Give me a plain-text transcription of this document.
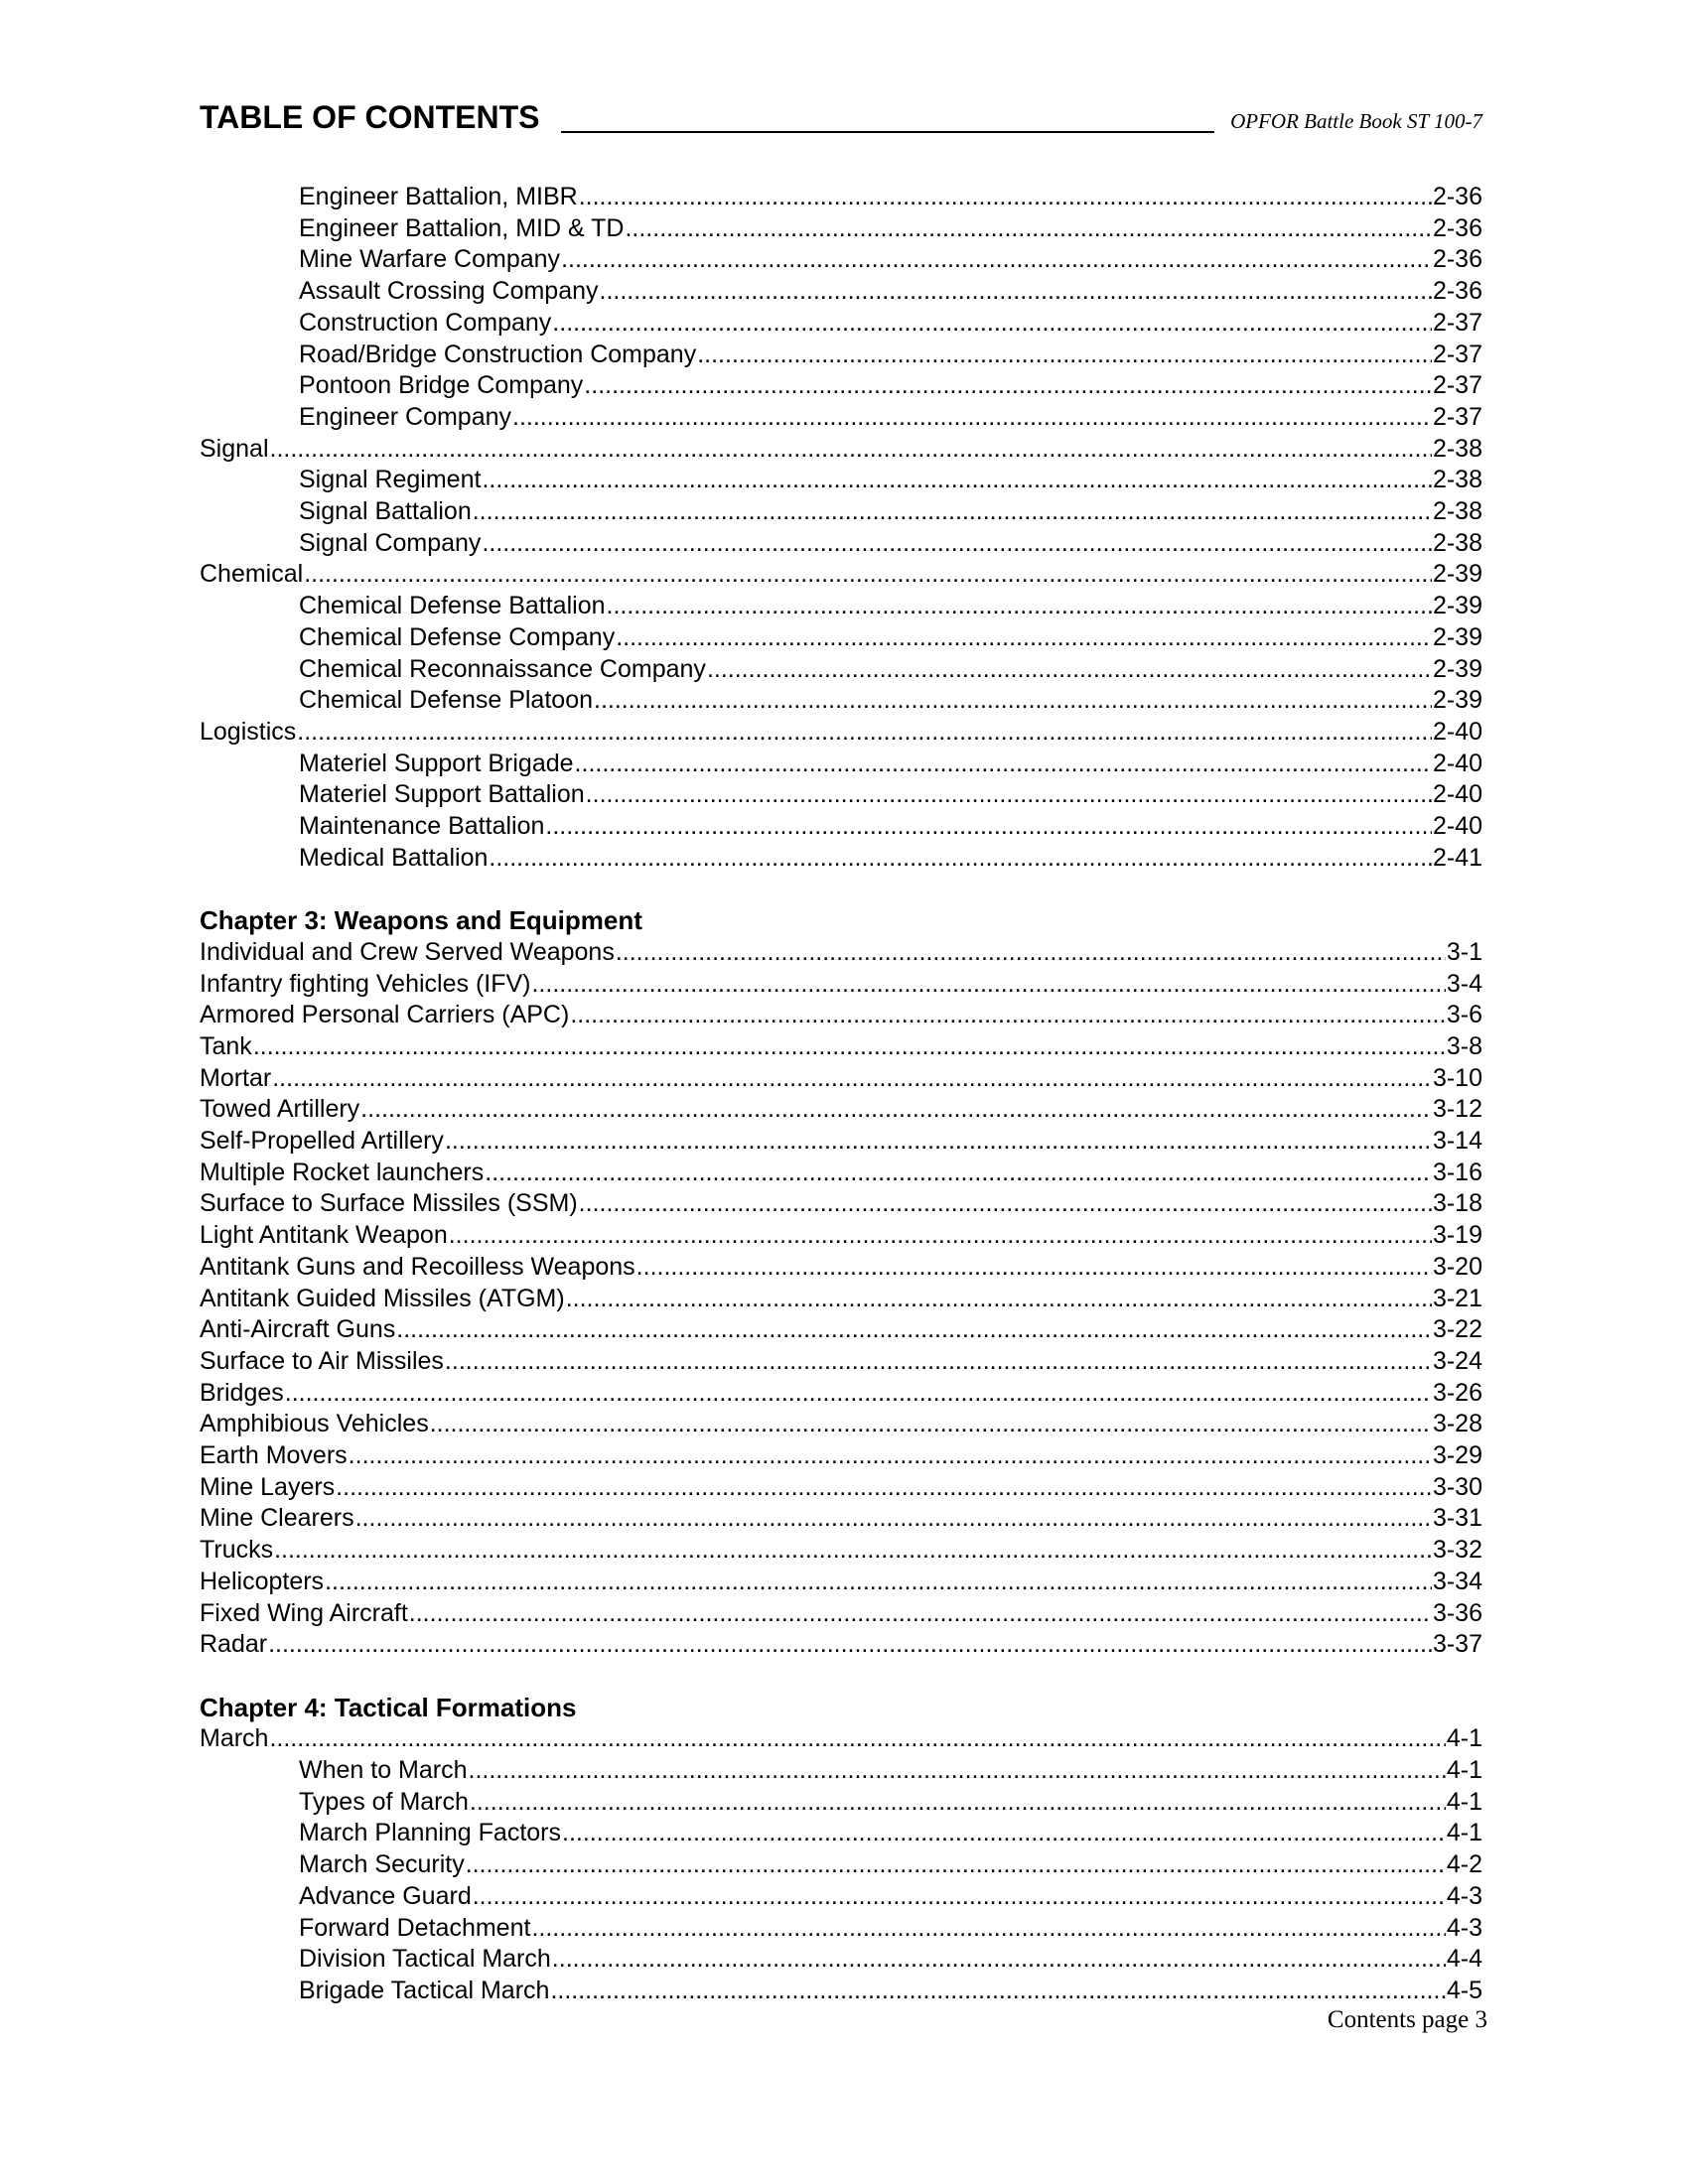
TABLE OF CONTENTS	OPFOR Battle Book ST 100-7
Engineer Battalion, MIBR .....	2-36
Engineer Battalion, MID & TD .....	2-36
Mine Warfare Company .....	2-36
Assault Crossing Company .....	2-36
Construction Company .....	2-37
Road/Bridge Construction Company .....	2-37
Pontoon Bridge Company .....	2-37
Engineer Company .....	2-37
Signal .....	2-38
Signal Regiment .....	2-38
Signal Battalion .....	2-38
Signal Company .....	2-38
Chemical .....	2-39
Chemical Defense Battalion .....	2-39
Chemical Defense Company .....	2-39
Chemical Reconnaissance Company .....	2-39
Chemical Defense Platoon .....	2-39
Logistics .....	2-40
Materiel Support Brigade .....	2-40
Materiel Support Battalion .....	2-40
Maintenance Battalion .....	2-40
Medical Battalion .....	2-41
Chapter 3: Weapons and Equipment
Individual and Crew Served Weapons .....	3-1
Infantry fighting Vehicles (IFV) .....	3-4
Armored Personal Carriers (APC) .....	3-6
Tank .....	3-8
Mortar .....	3-10
Towed Artillery .....	3-12
Self-Propelled Artillery .....	3-14
Multiple Rocket launchers .....	3-16
Surface to Surface Missiles (SSM) .....	3-18
Light Antitank Weapon .....	3-19
Antitank Guns and Recoilless Weapons .....	3-20
Antitank Guided Missiles (ATGM) .....	3-21
Anti-Aircraft Guns .....	3-22
Surface to Air Missiles .....	3-24
Bridges .....	3-26
Amphibious Vehicles .....	3-28
Earth Movers .....	3-29
Mine Layers .....	3-30
Mine Clearers .....	3-31
Trucks .....	3-32
Helicopters .....	3-34
Fixed Wing Aircraft .....	3-36
Radar .....	3-37
Chapter 4: Tactical Formations
March .....	4-1
When to March .....	4-1
Types of March .....	4-1
March Planning Factors .....	4-1
March Security .....	4-2
Advance Guard .....	4-3
Forward Detachment .....	4-3
Division Tactical March .....	4-4
Brigade Tactical March .....	4-5
Contents page 3
